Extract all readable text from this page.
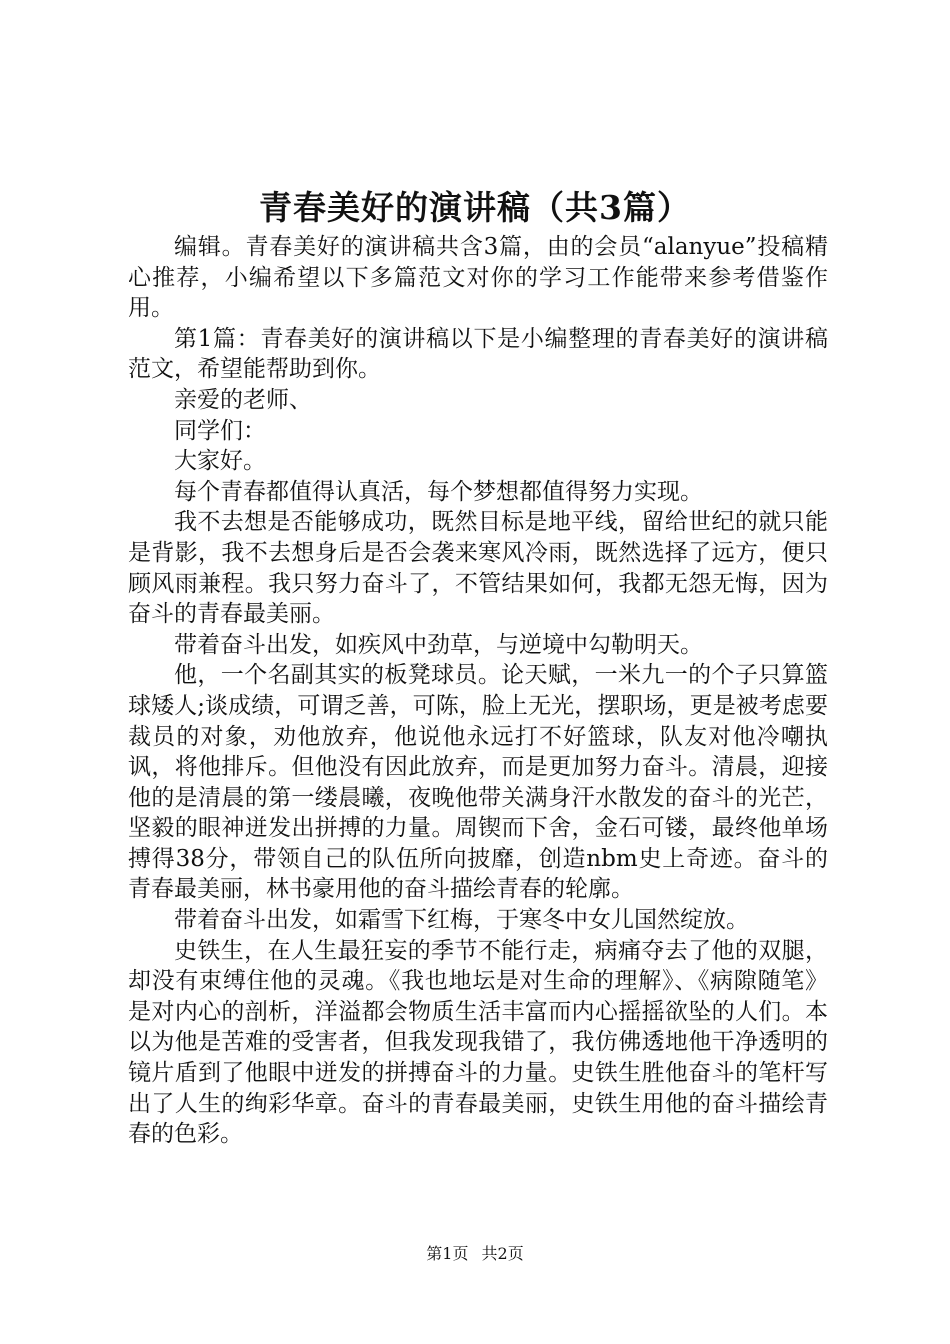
青春美好的演讲稿（共3篇）

编辑。青春美好的演讲稿共含3篇，由的会员“alanyue”投稿精心推荐，小编希望以下多篇范文对你的学习工作能带来参考借鉴作用。

第1篇：青春美好的演讲稿以下是小编整理的青春美好的演讲稿范文，希望能帮助到你。

亲爱的老师、

同学们：

大家好。

每个青春都值得认真活，每个梦想都值得努力实现。

我不去想是否能够成功，既然目标是地平线，留给世纪的就只能是背影，我不去想身后是否会袭来寒风冷雨，既然选择了远方，便只顾风雨兼程。我只努力奋斗了，不管结果如何，我都无怨无悔，因为奋斗的青春最美丽。

带着奋斗出发，如疾风中劲草，与逆境中勾勒明天。

他，一个名副其实的板凳球员。论天赋，一米九一的个子只算篮球矮人;谈成绩，可谓乏善，可陈，脸上无光，摆职场，更是被考虑要裁员的对象，劝他放弃，他说他永远打不好篮球，队友对他冷嘲执讽，将他排斥。但他没有因此放弃，而是更加努力奋斗。清晨，迎接他的是清晨的第一缕晨曦，夜晚他带关满身汗水散发的奋斗的光芒，坚毅的眼神迸发出拼搏的力量。周锲而下舍，金石可镂，最终他单场搏得38分，带领自己的队伍所向披靡，创造nbm史上奇迹。奋斗的青春最美丽，林书豪用他的奋斗描绘青春的轮廓。

带着奋斗出发，如霜雪下红梅，于寒冬中女儿国然绽放。

史铁生，在人生最狂妄的季节不能行走，病痛夺去了他的双腿，却没有束缚住他的灵魂。《我也地坛是对生命的理解》、《病隙随笔》是对内心的剖析，洋溢都会物质生活丰富而内心摇摇欲坠的人们。本以为他是苦难的受害者，但我发现我错了，我仿佛透地他干净透明的镜片盾到了他眼中迸发的拼搏奋斗的力量。史铁生胜他奋斗的笔杆写出了人生的绚彩华章。奋斗的青春最美丽，史铁生用他的奋斗描绘青春的色彩。

第1页 共2页
